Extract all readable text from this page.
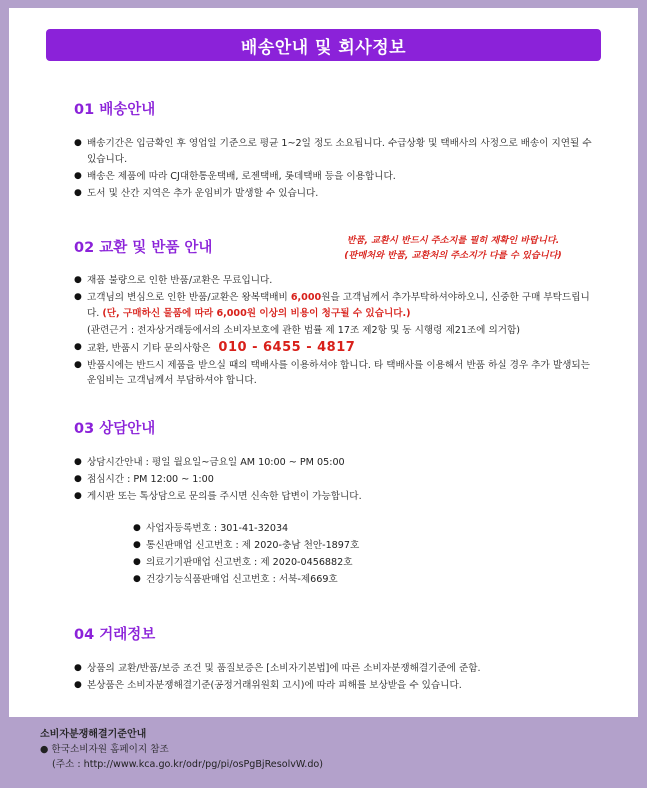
배송안내 및 회사정보
01 배송안내
● 배송기간은 입금확인 후 영업일 기준으로 평균 1~2일 정도 소요됩니다. 수급상황 및 택배사의 사정으로 배송이 지연될 수 있습니다.
● 배송은 제품에 따라 CJ대한통운택배, 로젠택배, 롯데택배 등을 이용합니다.
● 도서 및 산간 지역은 추가 운임비가 발생할 수 있습니다.
02 교환 및 반품 안내	반품, 교환시 반드시 주소지를 필히 재확인 바랍니다.
(판매처와 반품, 교환처의 주소지가 다를 수 있습니다)
● 재품 불량으로 인한 반품/교환은 무료입니다.
● 고객님의 변심으로 인한 반품/교환은 왕복택배비 6,000원을 고객님께서 추가부탁하셔야하오니, 신중한 구매 부탁드립니다. (단, 구매하신 물품에 따라 6,000원 이상의 비용이 청구될 수 있습니다.)
(관련근거 : 전자상거래등에서의 소비자보호에 관한 법률 제 17조 제2항 및 동 시행령 제21조에 의거함)
● 교환, 반품시 기타 문의사항은 010 - 6455 - 4817
● 반품시에는 반드시 제품을 받으실 때의 택배사를 이용하셔야 합니다. 타 택배사를 이용해서 반품 하실 경우 추가 발생되는 운임비는 고객님께서 부담하셔야 합니다.
03 상담안내
● 상담시간안내 : 평일 월요일~금요일 AM 10:00 ~ PM 05:00
● 점심시간 : PM 12:00 ~ 1:00
● 게시판 또는 톡상담으로 문의를 주시면 신속한 답변이 가능합니다.
● 사업자등록번호 : 301-41-32034
● 통신판매업 신고번호 : 제 2020-충남 천안-1897호
● 의료기기판매업 신고번호 : 제 2020-0456882호
● 건강기능식품판매업 신고번호 : 서북-제669호
04 거래정보
● 상품의 교환/반품/보증 조건 및 품질보증은 [소비자기본법]에 따른 소비자분쟁해결기준에 준함.
● 본상품은 소비자분쟁해결기준(공정거래위원회 고시)에 따라 피해를 보상받을 수 있습니다.
소비자분쟁해결기준안내
● 한국소비자원 홈페이지 참조
(주소 : http://www.kca.go.kr/odr/pg/pi/osPgBjResolvW.do)
